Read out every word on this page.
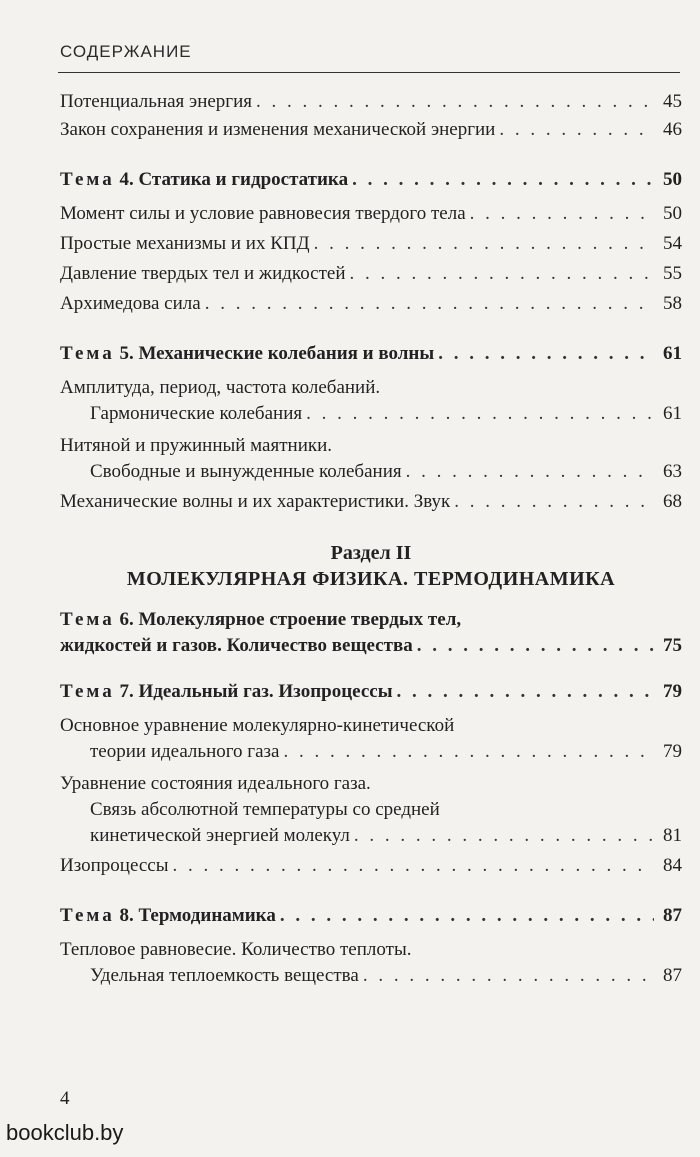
СОДЕРЖАНИЕ
Потенциальная энергия . . .	45
Закон сохранения и изменения механической энергии . . .	46
Тема 4. Статика и гидростатика . . .	50
Момент силы и условие равновесия твердого тела . . .	50
Простые механизмы и их КПД . . .	54
Давление твердых тел и жидкостей . . .	55
Архимедова сила . . .	58
Тема 5. Механические колебания и волны . . .	61
Амплитуда, период, частота колебаний.
Гармонические колебания . . .	61
Нитяной и пружинный маятники.
Свободные и вынужденные колебания . . .	63
Механические волны и их характеристики. Звук . . .	68
Раздел II
МОЛЕКУЛЯРНАЯ ФИЗИКА. ТЕРМОДИНАМИКА
Тема 6. Молекулярное строение твердых тел,
жидкостей и газов. Количество вещества . . .	75
Тема 7. Идеальный газ. Изопроцессы . . .	79
Основное уравнение молекулярно-кинетической
теории идеального газа . . .	79
Уравнение состояния идеального газа.
Связь абсолютной температуры со средней
кинетической энергией молекул . . .	81
Изопроцессы . . .	84
Тема 8. Термодинамика . . .	87
Тепловое равновесие. Количество теплоты.
Удельная теплоемкость вещества . . .	87
4
bookclub.by
